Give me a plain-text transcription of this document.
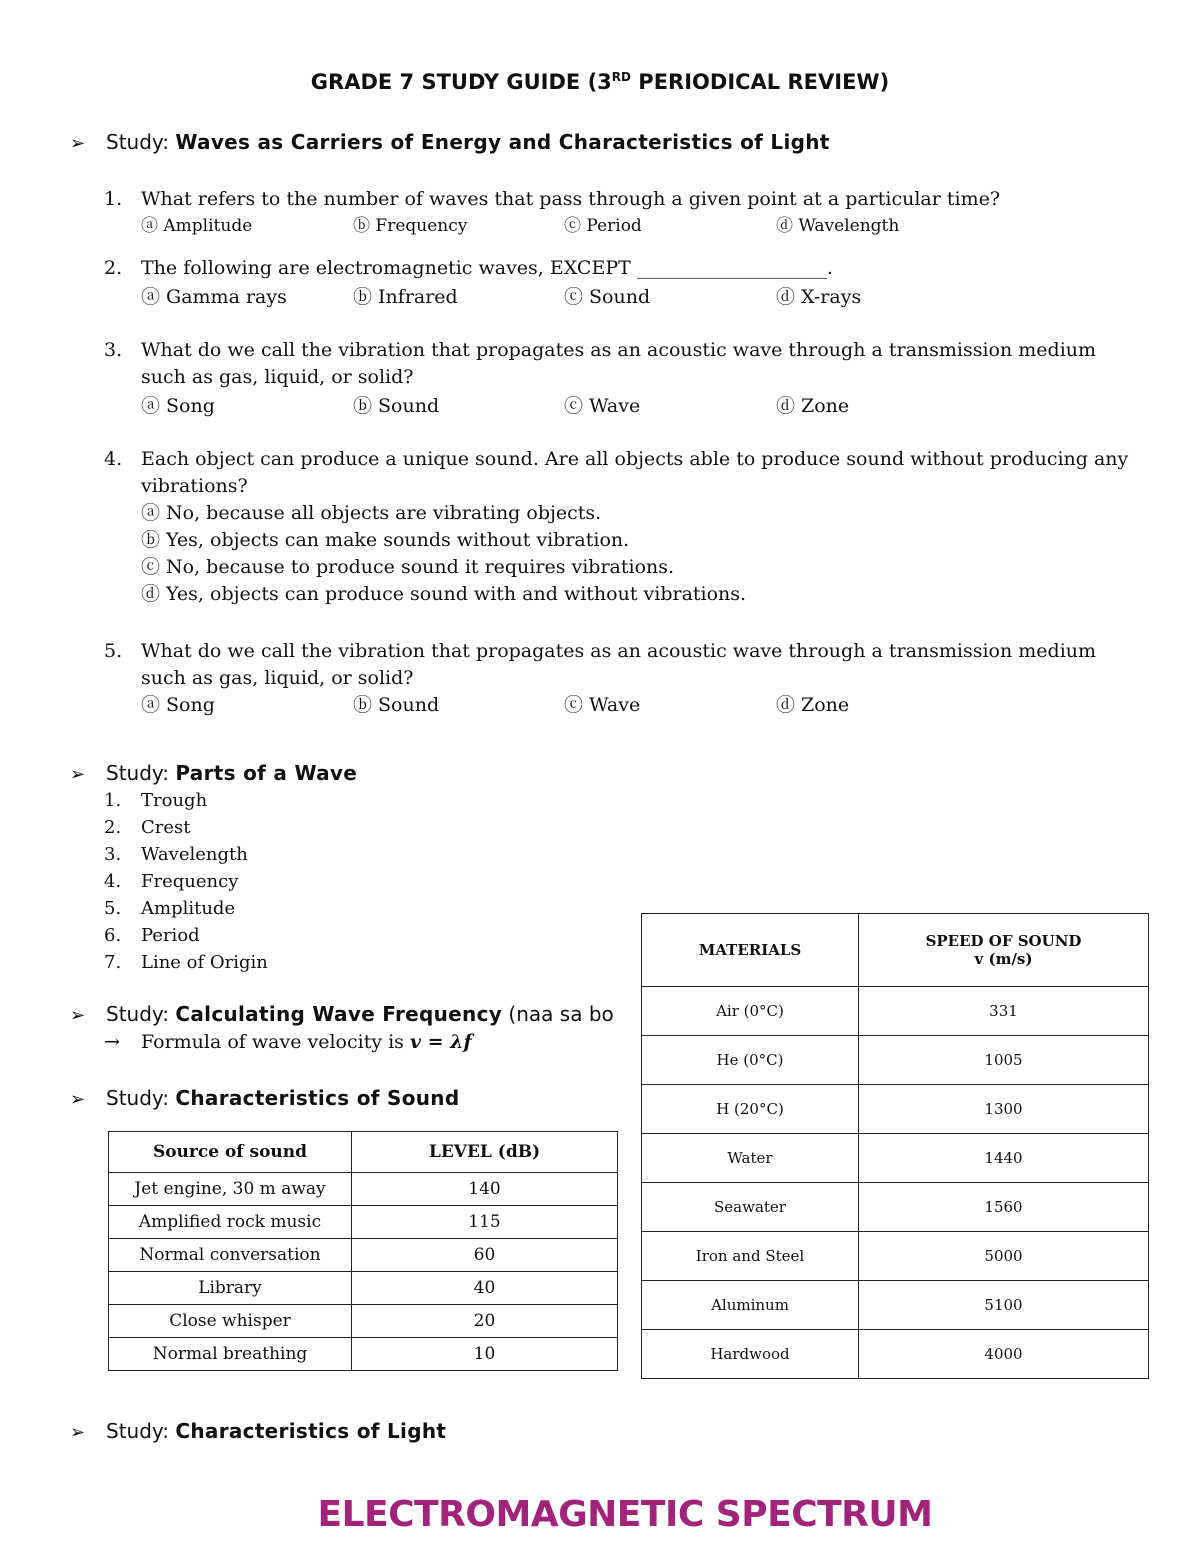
GRADE 7 STUDY GUIDE (3RD PERIODICAL REVIEW)
➢ Study: Waves as Carriers of Energy and Characteristics of Light
1. What refers to the number of waves that pass through a given point at a particular time?
ⓐ Amplitude	ⓑ Frequency	ⓒ Period	ⓓ Wavelength
2. The following are electromagnetic waves, EXCEPT ____________________.
ⓐ Gamma rays	ⓑ Infrared	ⓒ Sound	ⓓ X-rays
3. What do we call the vibration that propagates as an acoustic wave through a transmission medium such as gas, liquid, or solid?
ⓐ Song	ⓑ Sound	ⓒ Wave	ⓓ Zone
4. Each object can produce a unique sound. Are all objects able to produce sound without producing any vibrations?
ⓐ No, because all objects are vibrating objects.
ⓑ Yes, objects can make sounds without vibration.
ⓒ No, because to produce sound it requires vibrations.
ⓓ Yes, objects can produce sound with and without vibrations.
5. What do we call the vibration that propagates as an acoustic wave through a transmission medium such as gas, liquid, or solid?
ⓐ Song	ⓑ Sound	ⓒ Wave	ⓓ Zone
➢ Study: Parts of a Wave
1. Trough
2. Crest
3. Wavelength
4. Frequency
5. Amplitude
6. Period
7. Line of Origin
➢ Study: Calculating Wave Frequency (naa sa bo
→ Formula of wave velocity is v = λf
➢ Study: Characteristics of Sound
Source of sound	LEVEL (dB)
Jet engine, 30 m away	140
Amplified rock music	115
Normal conversation	60
Library	40
Close whisper	20
Normal breathing	10
MATERIALS	SPEED OF SOUND
v (m/s)

Air (0°C)	331
He (0°C)	1005
H (20°C)	1300
Water	1440
Seawater	1560
Iron and Steel	5000
Aluminum	5100
Hardwood	4000
➢ Study: Characteristics of Light
ELECTROMAGNETIC SPECTRUM
